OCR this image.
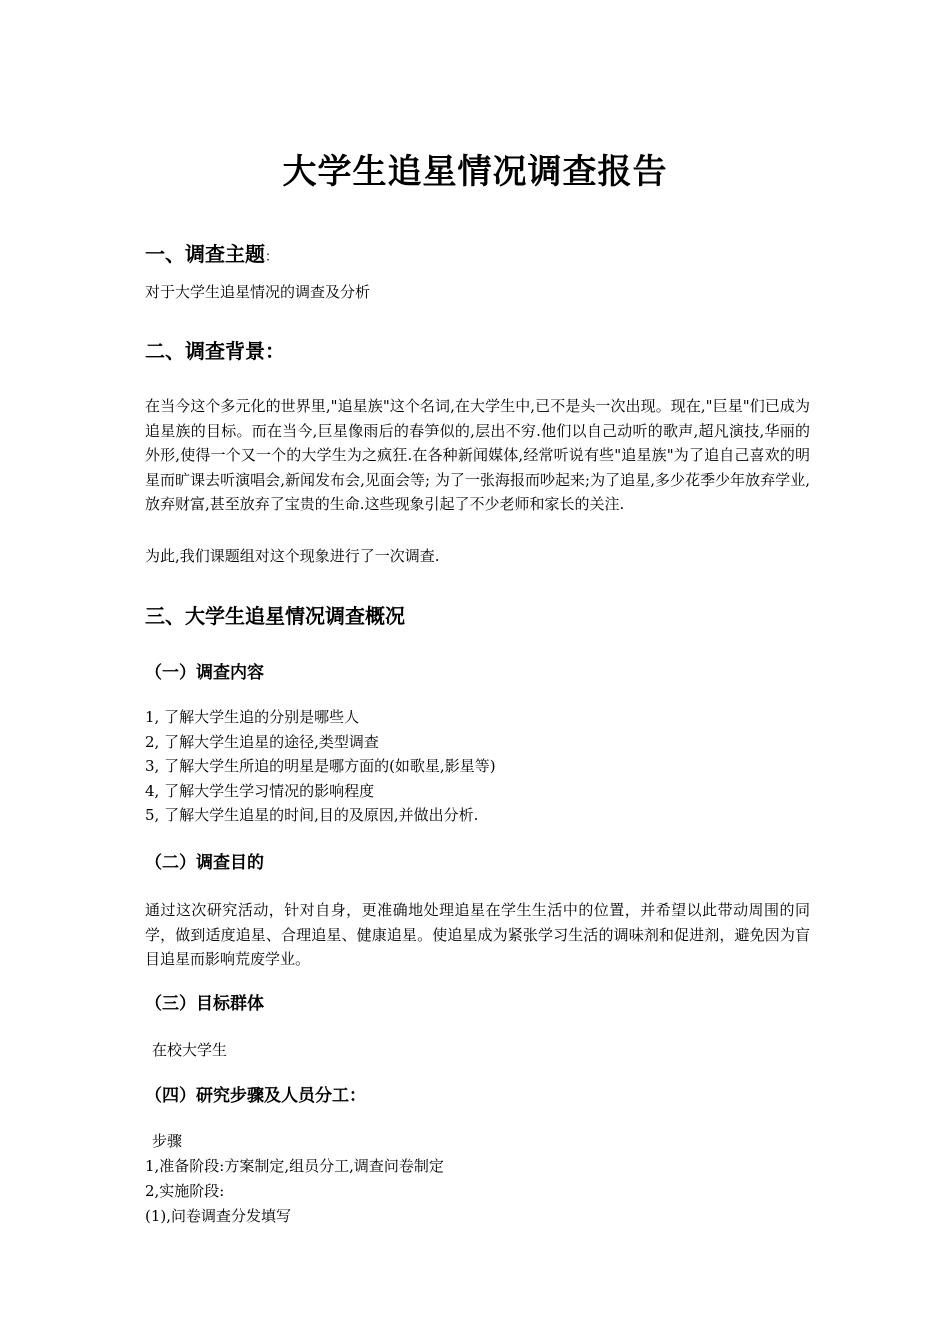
大学生追星情况调查报告
一、调查主题：
对于大学生追星情况的调查及分析
二、调查背景：
在当今这个多元化的世界里,"追星族"这个名词,在大学生中,已不是头一次出现。现在,"巨星"们已成为追星族的目标。而在当今,巨星像雨后的春笋似的,层出不穷.他们以自己动听的歌声,超凡演技,华丽的外形,使得一个又一个的大学生为之疯狂.在各种新闻媒体,经常听说有些"追星族"为了追自己喜欢的明星而旷课去听演唱会,新闻发布会,见面会等; 为了一张海报而吵起来;为了追星,多少花季少年放弃学业,放弃财富,甚至放弃了宝贵的生命.这些现象引起了不少老师和家长的关注.
为此,我们课题组对这个现象进行了一次调查.
三、大学生追星情况调查概况
（一）调查内容
1, 了解大学生追的分别是哪些人
2, 了解大学生追星的途径,类型调查
3, 了解大学生所追的明星是哪方面的(如歌星,影星等)
4, 了解大学生学习情况的影响程度
5, 了解大学生追星的时间,目的及原因,并做出分析.
（二）调查目的
通过这次研究活动，针对自身，更准确地处理追星在学生生活中的位置，并希望以此带动周围的同学，做到适度追星、合理追星、健康追星。使追星成为紧张学习生活的调味剂和促进剂，避免因为盲目追星而影响荒废学业。
（三）目标群体
在校大学生
（四）研究步骤及人员分工：
步骤
1,准备阶段:方案制定,组员分工,调查问卷制定
2,实施阶段:
(1),问卷调查分发填写
